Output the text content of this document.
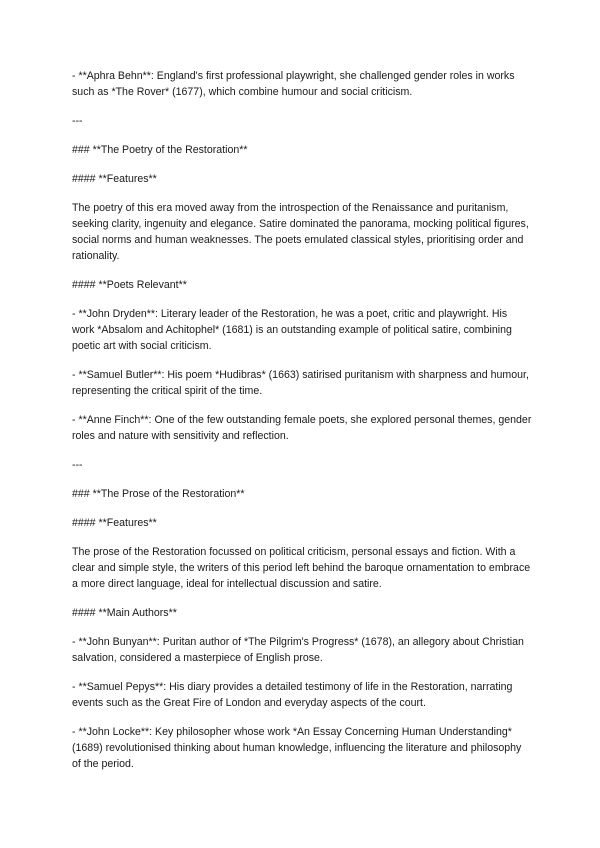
- **Aphra Behn**: England's first professional playwright, she challenged gender roles in works such as *The Rover* (1677), which combine humour and social criticism.

---

### **The Poetry of the Restoration**

#### **Features**

The poetry of this era moved away from the introspection of the Renaissance and puritanism, seeking clarity, ingenuity and elegance. Satire dominated the panorama, mocking political figures, social norms and human weaknesses. The poets emulated classical styles, prioritising order and rationality.

#### **Poets Relevant**

- **John Dryden**: Literary leader of the Restoration, he was a poet, critic and playwright. His work *Absalom and Achitophel* (1681) is an outstanding example of political satire, combining poetic art with social criticism.

- **Samuel Butler**: His poem *Hudibras* (1663) satirised puritanism with sharpness and humour, representing the critical spirit of the time.

- **Anne Finch**: One of the few outstanding female poets, she explored personal themes, gender roles and nature with sensitivity and reflection.

---

### **The Prose of the Restoration**

#### **Features**

The prose of the Restoration focussed on political criticism, personal essays and fiction. With a clear and simple style, the writers of this period left behind the baroque ornamentation to embrace a more direct language, ideal for intellectual discussion and satire.

#### **Main Authors**

- **John Bunyan**: Puritan author of *The Pilgrim's Progress* (1678), an allegory about Christian salvation, considered a masterpiece of English prose.

- **Samuel Pepys**: His diary provides a detailed testimony of life in the Restoration, narrating events such as the Great Fire of London and everyday aspects of the court.

- **John Locke**: Key philosopher whose work *An Essay Concerning Human Understanding* (1689) revolutionised thinking about human knowledge, influencing the literature and philosophy of the period.
